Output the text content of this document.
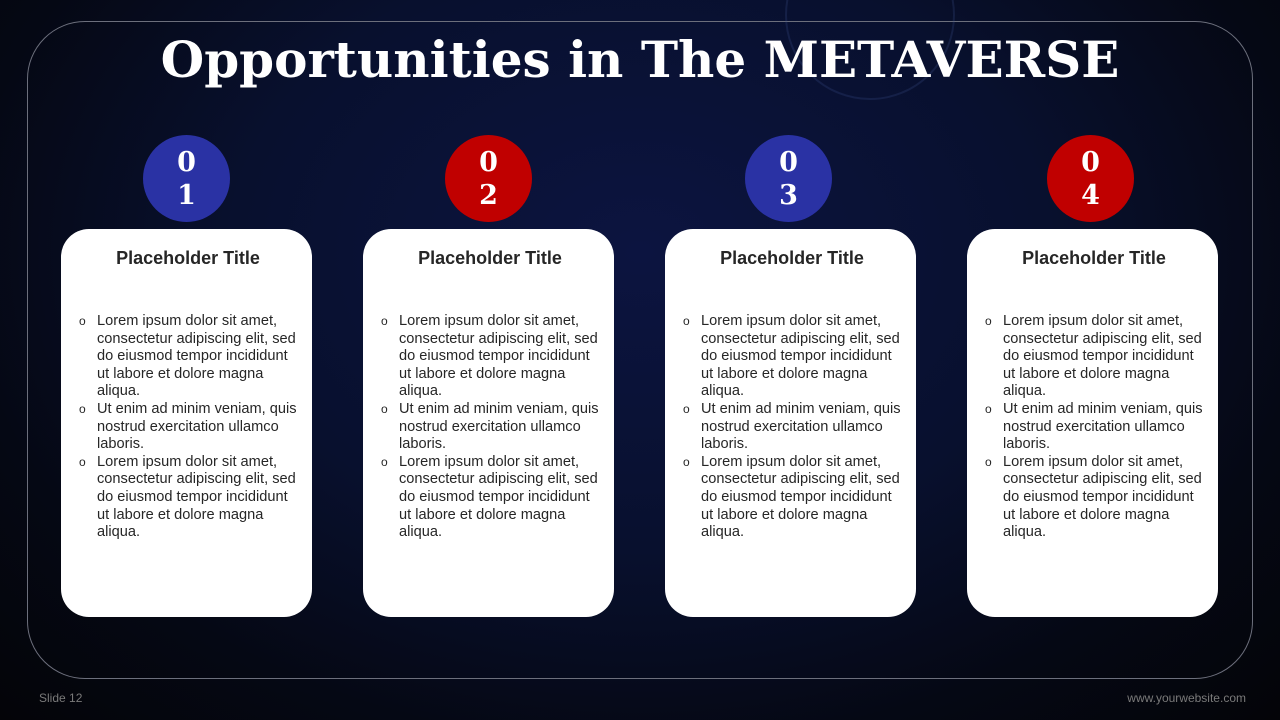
Opportunities in The METAVERSE
0
1
0
2
0
3
0
4
Placeholder Title
o Lorem ipsum dolor sit amet, consectetur adipiscing elit, sed do eiusmod tempor incididunt ut labore et dolore magna aliqua.
o Ut enim ad minim veniam, quis nostrud exercitation ullamco laboris.
o Lorem ipsum dolor sit amet, consectetur adipiscing elit, sed do eiusmod tempor incididunt ut labore et dolore magna aliqua.
Placeholder Title
o Lorem ipsum dolor sit amet, consectetur adipiscing elit, sed do eiusmod tempor incididunt ut labore et dolore magna aliqua.
o Ut enim ad minim veniam, quis nostrud exercitation ullamco laboris.
o Lorem ipsum dolor sit amet, consectetur adipiscing elit, sed do eiusmod tempor incididunt ut labore et dolore magna aliqua.
Placeholder Title
o Lorem ipsum dolor sit amet, consectetur adipiscing elit, sed do eiusmod tempor incididunt ut labore et dolore magna aliqua.
o Ut enim ad minim veniam, quis nostrud exercitation ullamco laboris.
o Lorem ipsum dolor sit amet, consectetur adipiscing elit, sed do eiusmod tempor incididunt ut labore et dolore magna aliqua.
Placeholder Title
o Lorem ipsum dolor sit amet, consectetur adipiscing elit, sed do eiusmod tempor incididunt ut labore et dolore magna aliqua.
o Ut enim ad minim veniam, quis nostrud exercitation ullamco laboris.
o Lorem ipsum dolor sit amet, consectetur adipiscing elit, sed do eiusmod tempor incididunt ut labore et dolore magna aliqua.
Slide 12	www.yourwebsite.com
